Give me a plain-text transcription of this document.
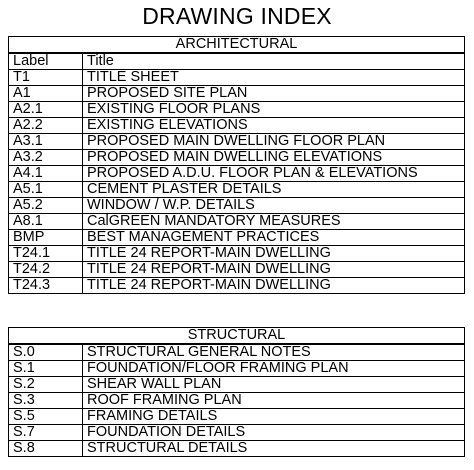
DRAWING INDEX
ARCHITECTURAL	
Label	Title
T1	TITLE SHEET
A1	PROPOSED SITE PLAN
A2.1	EXISTING FLOOR PLANS
A2.2	EXISTING ELEVATIONS
A3.1	PROPOSED MAIN DWELLING FLOOR PLAN
A3.2	PROPOSED MAIN DWELLING ELEVATIONS
A4.1	PROPOSED A.D.U. FLOOR PLAN & ELEVATIONS
A5.1	CEMENT PLASTER DETAILS
A5.2	WINDOW / W.P. DETAILS
A8.1	CalGREEN MANDATORY MEASURES
BMP	BEST MANAGEMENT PRACTICES
T24.1	TITLE 24 REPORT-MAIN DWELLING
T24.2	TITLE 24 REPORT-MAIN DWELLING
T24.3	TITLE 24 REPORT-MAIN DWELLING
STRUCTURAL	
S.0	STRUCTURAL GENERAL NOTES
S.1	FOUNDATION/FLOOR FRAMING PLAN
S.2	SHEAR WALL PLAN
S.3	ROOF FRAMING PLAN
S.5	FRAMING DETAILS
S.7	FOUNDATION DETAILS
S.8	STRUCTURAL DETAILS
